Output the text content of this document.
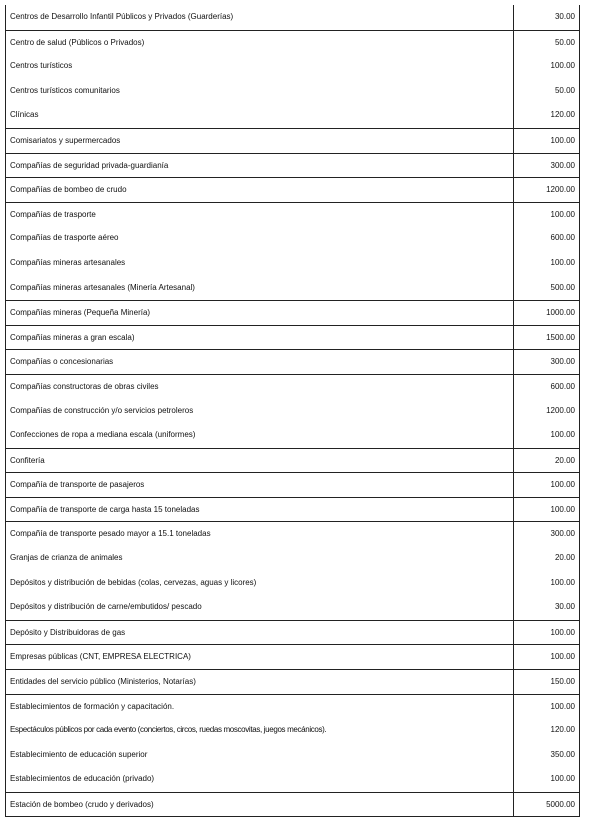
Centros de Desarrollo Infantil Públicos y Privados (Guarderías)	30.00
Centro de salud (Públicos o Privados)	50.00
Centros turísticos	100.00
Centros turísticos comunitarios	50.00
Clínicas	120.00
Comisariatos y supermercados	100.00
Compañías de seguridad privada-guardianía	300.00
Compañías de bombeo de crudo	1200.00
Compañías de trasporte	100.00
Compañías de trasporte aéreo	600.00
Compañías mineras artesanales	100.00
Compañías mineras artesanales (Minería Artesanal)	500.00
Compañías mineras (Pequeña Minería)	1000.00
Compañías mineras a gran escala)	1500.00
Compañías o concesionarias	300.00
Compañías constructoras de obras civiles	600.00
Compañías de construcción y/o servicios petroleros	1200.00
Confecciones de ropa a mediana escala (uniformes)	100.00
Confitería	20.00
Compañía de transporte de pasajeros	100.00
Compañía de transporte de carga hasta 15 toneladas	100.00
Compañía de transporte pesado mayor a 15.1 toneladas	300.00
Granjas de crianza de animales	20.00
Depósitos y distribución de bebidas (colas, cervezas, aguas y licores)	100.00
Depósitos y distribución de carne/embutidos/ pescado	30.00
Depósito y Distribuidoras de gas	100.00
Empresas públicas (CNT, EMPRESA ELECTRICA)	100.00
Entidades del servicio público (Ministerios, Notarías)	150.00
Establecimientos de formación y capacitación.	100.00
Espectáculos públicos por cada evento (conciertos, circos, ruedas moscovitas, juegos mecánicos).	120.00
Establecimiento de educación superior	350.00
Establecimientos de educación (privado)	100.00
Estación de bombeo (crudo y derivados)	5000.00
